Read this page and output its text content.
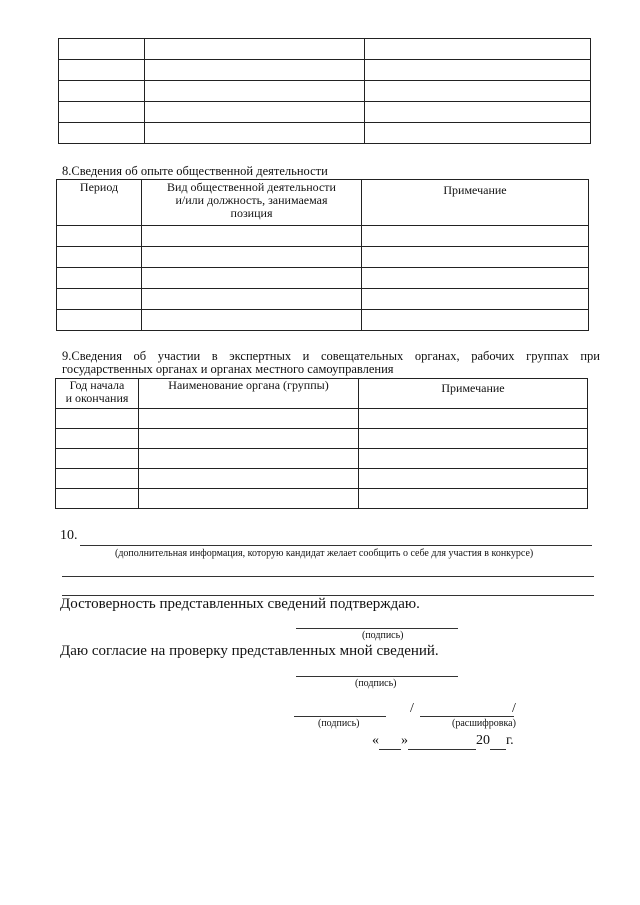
8.Сведения об опыте общественной деятельности
Период	Вид общественной деятельности
и/или должность, занимаемая
позиция	Примечание

9.Сведения об участии в экспертных и совещательных органах, рабочих группах при
государственных органах и органах местного самоуправления
Год начала
и окончания	Наименование органа (группы)	Примечание

10.
(дополнительная информация, которую кандидат желает сообщить о себе для участия в конкурсе)
Достоверность представленных сведений подтверждаю.
(подпись)
Даю согласие на проверку представленных мной сведений.
(подпись)
/	/
(подпись)	(расшифровка)
« »	20 г.
